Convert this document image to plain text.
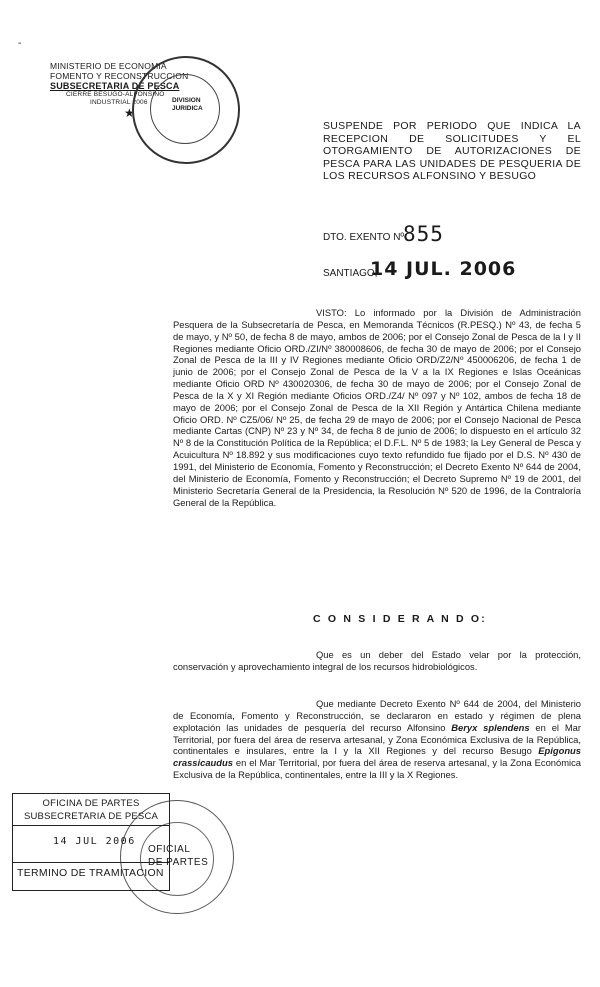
-
MINISTERIO DE ECONOMIA
FOMENTO Y RECONSTRUCCION
SUBSECRETARIA DE PESCA
CIERRE BESUGO-ALFONSINO
INDUSTRIAL 2006
★
DIVISION
JURIDICA
SUSPENDE POR PERIODO QUE INDICA LA RECEPCION DE SOLICITUDES Y EL OTORGAMIENTO DE AUTORIZACIONES DE PESCA PARA LAS UNIDADES DE PESQUERIA DE LOS RECURSOS ALFONSINO Y BESUGO
DTO. EXENTO Nº
855
SANTIAGO,
14 JUL. 2006
VISTO: Lo informado por la División de Administración Pesquera de la Subsecretaría de Pesca, en Memoranda Técnicos (R.PESQ.) Nº 43, de fecha 5 de mayo, y Nº 50, de fecha 8 de mayo, ambos de 2006; por el Consejo Zonal de Pesca de la I y II Regiones mediante Oficio ORD./ZI/Nº 380008606, de fecha 30 de mayo de 2006; por el Consejo Zonal de Pesca de la III y IV Regiones mediante Oficio ORD/Z2/Nº 450006206, de fecha 1 de junio de 2006; por el Consejo Zonal de Pesca de la V a la IX Regiones e Islas Oceánicas mediante Oficio ORD Nº 430020306, de fecha 30 de mayo de 2006; por el Consejo Zonal de Pesca de la X y XI Región mediante Oficios ORD./Z4/ Nº 097 y Nº 102, ambos de fecha 18 de mayo de 2006; por el Consejo Zonal de Pesca de la XII Región y Antártica Chilena mediante Oficio ORD. Nº CZ5/06/ Nº 25, de fecha 29 de mayo de 2006; por el Consejo Nacional de Pesca mediante Cartas (CNP) Nº 23 y Nº 34, de fecha 8 de junio de 2006; lo dispuesto en el artículo 32 Nº 8 de la Constitución Política de la República; el D.F.L. Nº 5 de 1983; la Ley General de Pesca y Acuicultura Nº 18.892 y sus modificaciones cuyo texto refundido fue fijado por el D.S. Nº 430 de 1991, del Ministerio de Economía, Fomento y Reconstrucción; el Decreto Exento Nº 644 de 2004, del Ministerio de Economía, Fomento y Reconstrucción; el Decreto Supremo Nº 19 de 2001, del Ministerio Secretaría General de la Presidencia, la Resolución Nº 520 de 1996, de la Contraloría General de la República.
C O N S I D E R A N D O:
Que es un deber del Estado velar por la protección, conservación y aprovechamiento integral de los recursos hidrobiológicos.
Que mediante Decreto Exento Nº 644 de 2004, del Ministerio de Economía, Fomento y Reconstrucción, se declararon en estado y régimen de plena explotación las unidades de pesquería del recurso Alfonsino Beryx splendens en el Mar Territorial, por fuera del área de reserva artesanal, y Zona Económica Exclusiva de la República, continentales e insulares, entre la I y la XII Regiones y del recurso Besugo Epigonus crassicaudus en el Mar Territorial, por fuera del área de reserva artesanal, y la Zona Económica Exclusiva de la República, continentales, entre la III y la X Regiones.
OFICINA DE PARTES
SUBSECRETARIA DE PESCA
14 JUL 2006
TERMINO DE TRAMITACION
OFICIAL
DE PARTES
